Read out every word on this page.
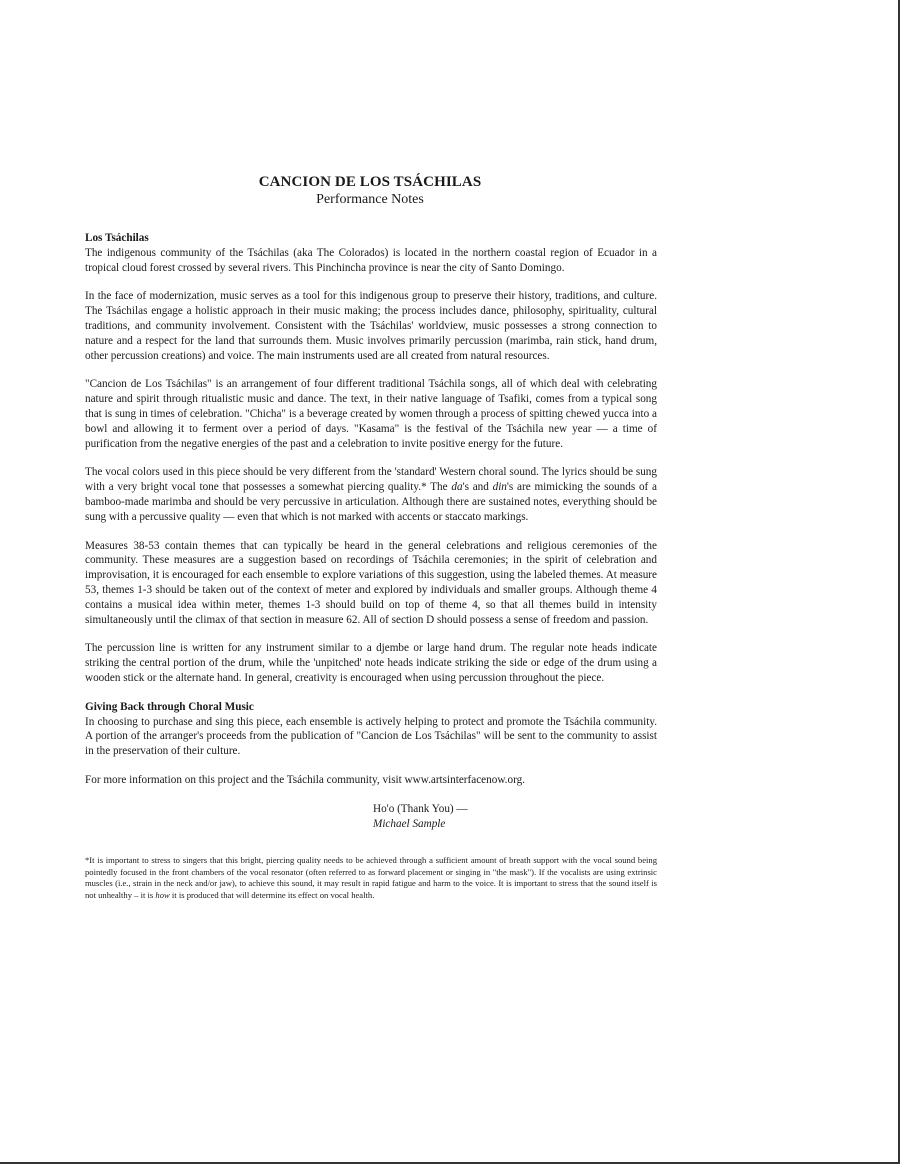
CANCION DE LOS TSÁCHILAS
Performance Notes
Los Tsáchilas

The indigenous community of the Tsáchilas (aka The Colorados) is located in the northern coastal region of Ecuador in a tropical cloud forest crossed by several rivers. This Pinchincha province is near the city of Santo Domingo.

In the face of modernization, music serves as a tool for this indigenous group to preserve their history, traditions, and culture. The Tsáchilas engage a holistic approach in their music making; the process includes dance, philosophy, spirituality, cultural traditions, and community involvement. Consistent with the Tsáchilas' worldview, music possesses a strong connection to nature and a respect for the land that surrounds them. Music involves primarily percussion (marimba, rain stick, hand drum, other percussion creations) and voice. The main instruments used are all created from natural resources.

"Cancion de Los Tsáchilas" is an arrangement of four different traditional Tsáchila songs, all of which deal with celebrating nature and spirit through ritualistic music and dance. The text, in their native language of Tsafiki, comes from a typical song that is sung in times of celebration. "Chicha" is a beverage created by women through a process of spitting chewed yucca into a bowl and allowing it to ferment over a period of days. "Kasama" is the festival of the Tsáchila new year — a time of purification from the negative energies of the past and a celebration to invite positive energy for the future.

The vocal colors used in this piece should be very different from the 'standard' Western choral sound. The lyrics should be sung with a very bright vocal tone that possesses a somewhat piercing quality.* The da's and din's are mimicking the sounds of a bamboo-made marimba and should be very percussive in articulation. Although there are sustained notes, everything should be sung with a percussive quality — even that which is not marked with accents or staccato markings.

Measures 38-53 contain themes that can typically be heard in the general celebrations and religious ceremonies of the community. These measures are a suggestion based on recordings of Tsáchila ceremonies; in the spirit of celebration and improvisation, it is encouraged for each ensemble to explore variations of this suggestion, using the labeled themes. At measure 53, themes 1-3 should be taken out of the context of meter and explored by individuals and smaller groups. Although theme 4 contains a musical idea within meter, themes 1-3 should build on top of theme 4, so that all themes build in intensity simultaneously until the climax of that section in measure 62. All of section D should possess a sense of freedom and passion.

The percussion line is written for any instrument similar to a djembe or large hand drum. The regular note heads indicate striking the central portion of the drum, while the 'unpitched' note heads indicate striking the side or edge of the drum using a wooden stick or the alternate hand. In general, creativity is encouraged when using percussion throughout the piece.

Giving Back through Choral Music

In choosing to purchase and sing this piece, each ensemble is actively helping to protect and promote the Tsáchila community. A portion of the arranger's proceeds from the publication of "Cancion de Los Tsáchilas" will be sent to the community to assist in the preservation of their culture.

For more information on this project and the Tsáchila community, visit www.artsinterfacenow.org.

Ho'o (Thank You) —
Michael Sample
*It is important to stress to singers that this bright, piercing quality needs to be achieved through a sufficient amount of breath support with the vocal sound being pointedly focused in the front chambers of the vocal resonator (often referred to as forward placement or singing in "the mask"). If the vocalists are using extrinsic muscles (i.e., strain in the neck and/or jaw), to achieve this sound, it may result in rapid fatigue and harm to the voice. It is important to stress that the sound itself is not unhealthy – it is how it is produced that will determine its effect on vocal health.
